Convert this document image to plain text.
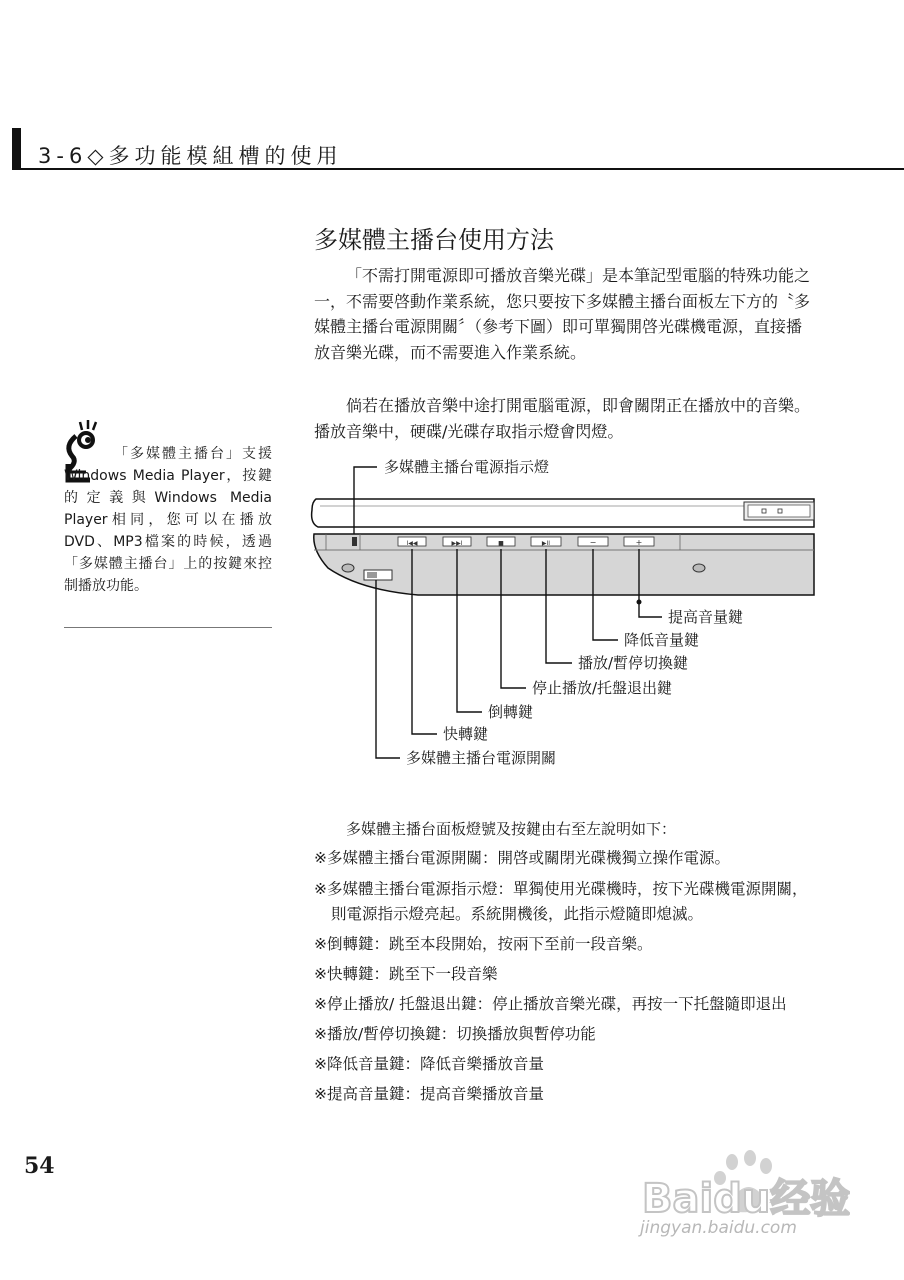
3-6◇多功能模組槽的使用
多媒體主播台使用方法

「不需打開電源即可播放音樂光碟」是本筆記型電腦的特殊功能之一，不需要啓動作業系統，您只要按下多媒體主播台面板左下方的〝多媒體主播台電源開關〞（參考下圖）即可單獨開啓光碟機電源，直接播放音樂光碟，而不需要進入作業系統。

倘若在播放音樂中途打開電腦電源，即會關閉正在播放中的音樂。播放音樂中，硬碟/光碟存取指示燈會閃燈。

「多媒體主播台」支援Windows Media Player，按鍵的定義與Windows Media Player相同，您可以在播放DVD、MP3檔案的時候，透過「多媒體主播台」上的按鍵來控制播放功能。

I◀◀	▶▶I	■	▶II	−	+
多媒體主播台電源指示燈
提高音量鍵
降低音量鍵
播放/暫停切換鍵
停止播放/托盤退出鍵
倒轉鍵
快轉鍵
多媒體主播台電源開關
多媒體主播台面板燈號及按鍵由右至左說明如下：

※多媒體主播台電源開關：開啓或關閉光碟機獨立操作電源。

※多媒體主播台電源指示燈：單獨使用光碟機時，按下光碟機電源開關，則電源指示燈亮起。系統開機後，此指示燈隨即熄滅。

※倒轉鍵：跳至本段開始，按兩下至前一段音樂。

※快轉鍵：跳至下一段音樂

※停止播放/ 托盤退出鍵：停止播放音樂光碟，再按一下托盤隨即退出

※播放/暫停切換鍵：切換播放與暫停功能

※降低音量鍵：降低音樂播放音量

※提高音量鍵：提高音樂播放音量

54
Baidu经验
jingyan.baidu.com
